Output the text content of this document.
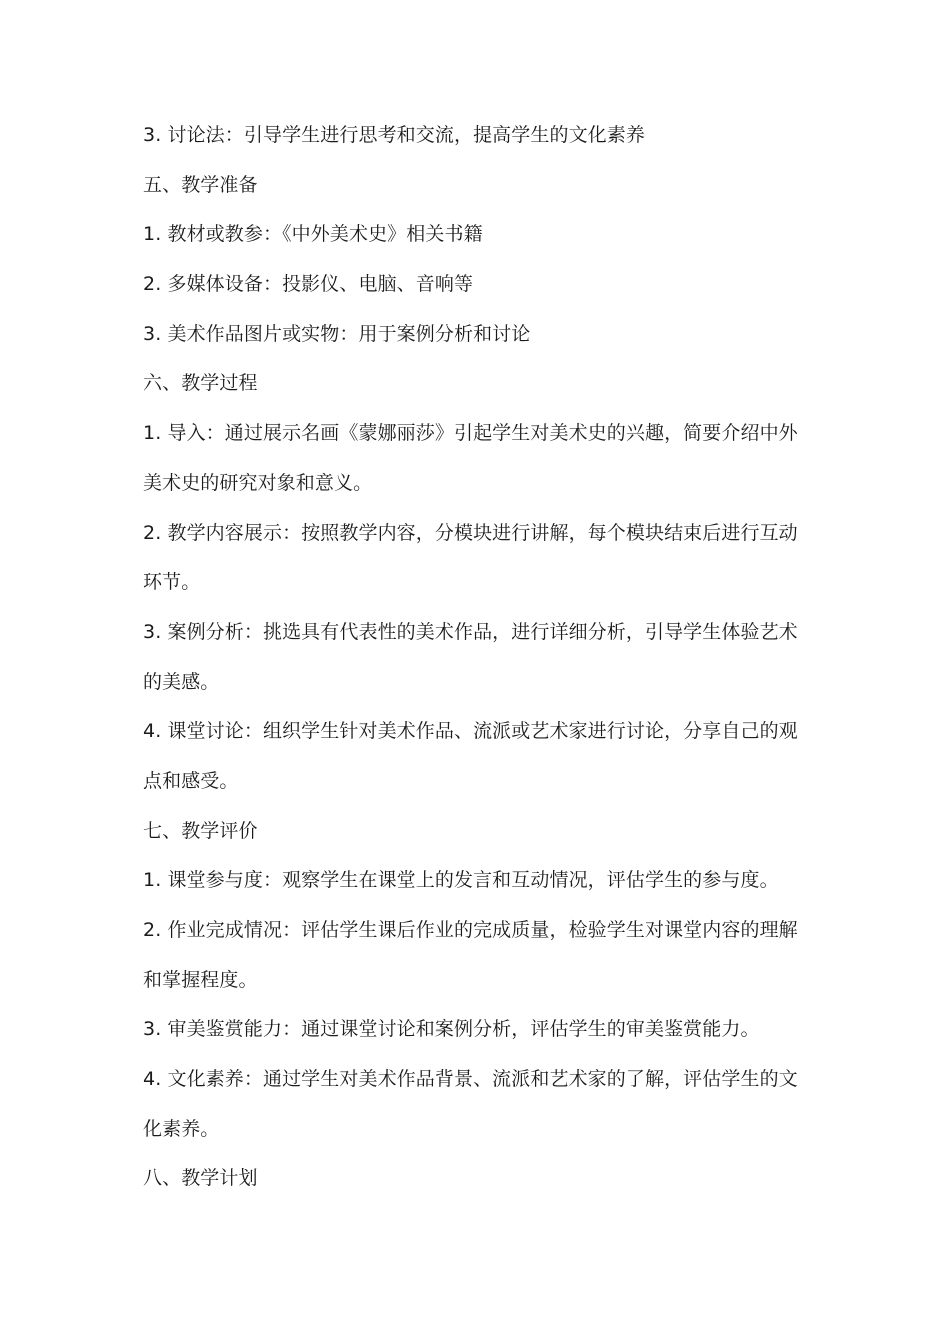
3. 讨论法：引导学生进行思考和交流，提高学生的文化素养
五、教学准备
1. 教材或教参：《中外美术史》相关书籍
2. 多媒体设备：投影仪、电脑、音响等
3. 美术作品图片或实物：用于案例分析和讨论
六、教学过程
1. 导入：通过展示名画《蒙娜丽莎》引起学生对美术史的兴趣，简要介绍中外
美术史的研究对象和意义。
2. 教学内容展示：按照教学内容，分模块进行讲解，每个模块结束后进行互动
环节。
3. 案例分析：挑选具有代表性的美术作品，进行详细分析，引导学生体验艺术
的美感。
4. 课堂讨论：组织学生针对美术作品、流派或艺术家进行讨论，分享自己的观
点和感受。
七、教学评价
1. 课堂参与度：观察学生在课堂上的发言和互动情况，评估学生的参与度。
2. 作业完成情况：评估学生课后作业的完成质量，检验学生对课堂内容的理解
和掌握程度。
3. 审美鉴赏能力：通过课堂讨论和案例分析，评估学生的审美鉴赏能力。
4. 文化素养：通过学生对美术作品背景、流派和艺术家的了解，评估学生的文
化素养。
八、教学计划
